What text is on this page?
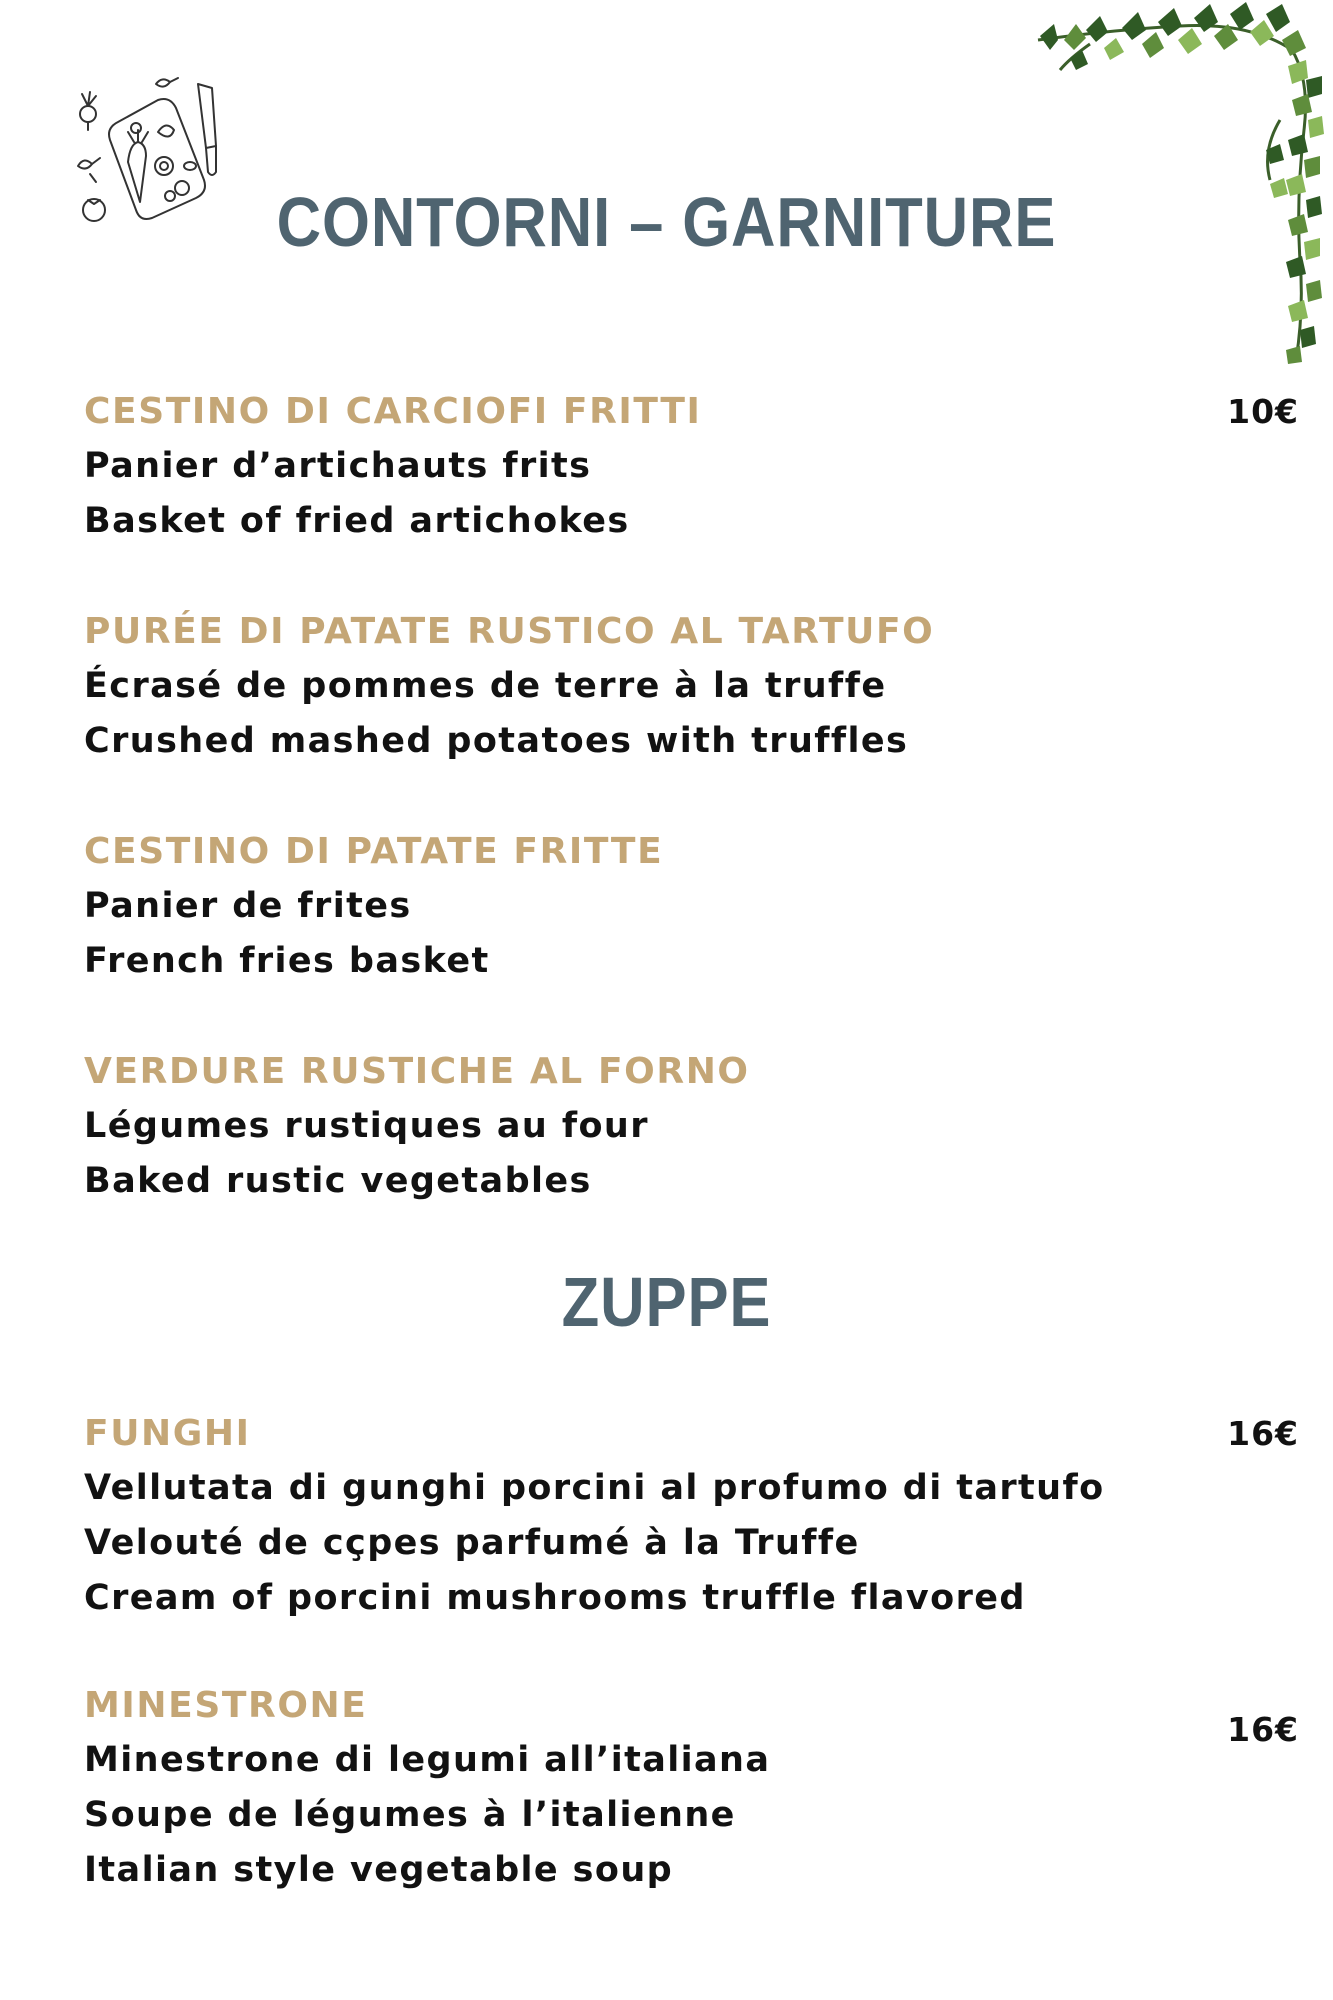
CONTORNI – GARNITURE
CESTINO DI CARCIOFI FRITTI
Panier d’artichauts frits
Basket of fried artichokes
10€
PURÉE DI PATATE RUSTICO AL TARTUFO
Écrasé de pommes de terre à la truffe
Crushed mashed potatoes with truffles
CESTINO DI PATATE FRITTE
Panier de frites
French fries basket
VERDURE RUSTICHE AL FORNO
Légumes rustiques au four
Baked rustic vegetables
ZUPPE
FUNGHI
Vellutata di gunghi porcini al profumo di tartufo
Velouté de cçpes parfumé à la Truffe
Cream of porcini mushrooms truffle flavored
16€
MINESTRONE
Minestrone di legumi all’italiana
Soupe de légumes à l’italienne
Italian style vegetable soup
16€
